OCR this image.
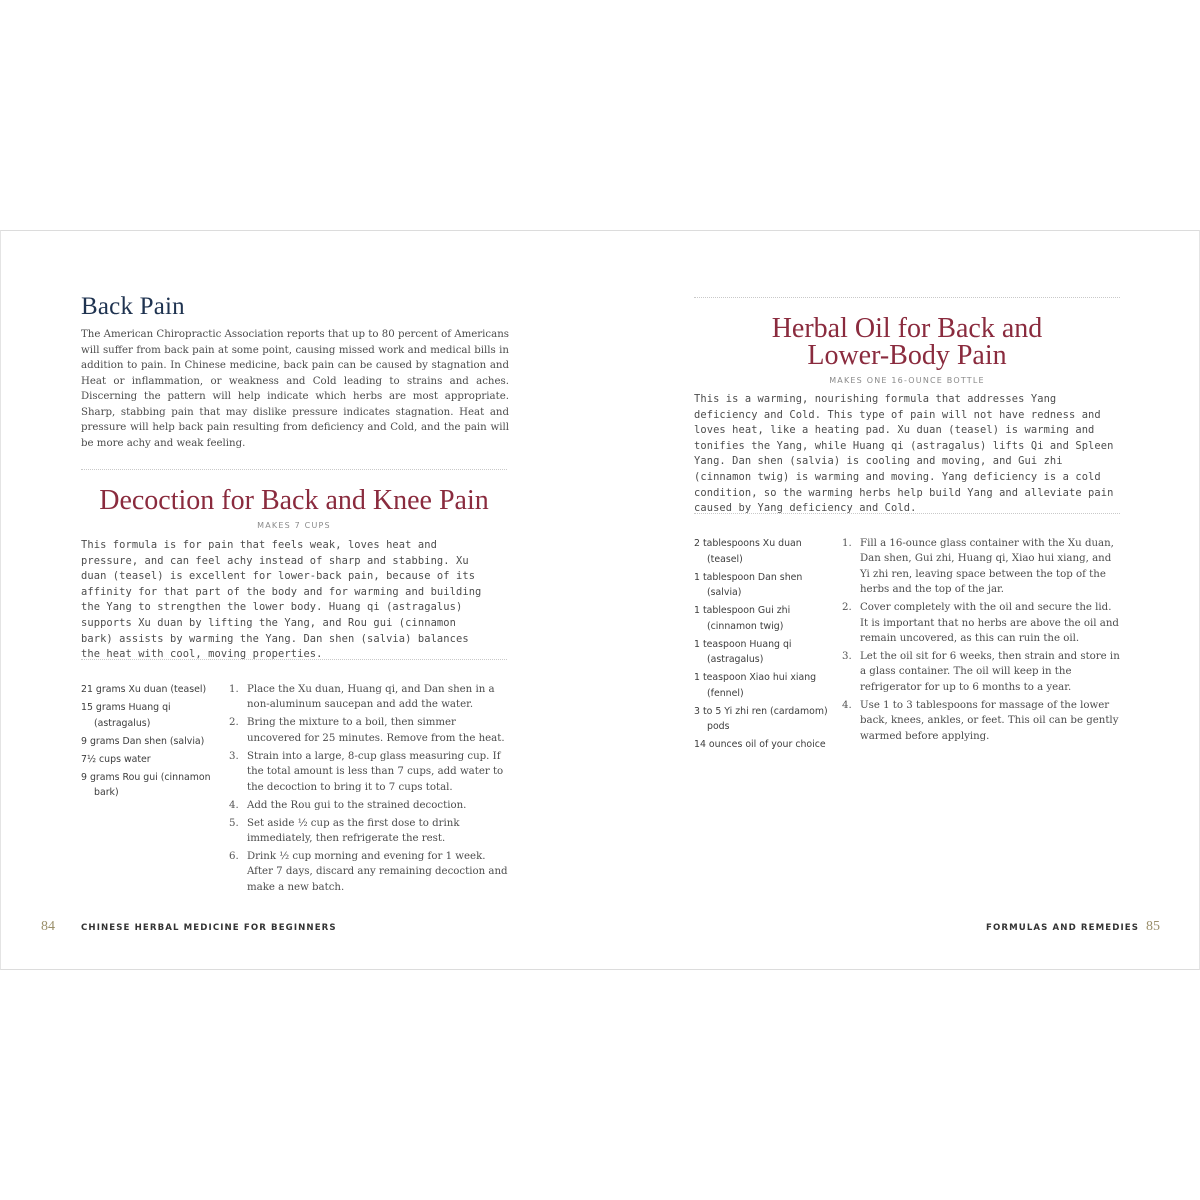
Back Pain

The American Chiropractic Association reports that up to 80 percent of Americans will suffer from back pain at some point, causing missed work and medical bills in addition to pain. In Chinese medicine, back pain can be caused by stagnation and Heat or inflammation, or weakness and Cold leading to strains and aches. Discerning the pattern will help indicate which herbs are most appropriate. Sharp, stabbing pain that may dislike pressure indicates stagnation. Heat and pressure will help back pain resulting from deficiency and Cold, and the pain will be more achy and weak feeling.

Decoction for Back and Knee Pain
MAKES 7 CUPS

This formula is for pain that feels weak, loves heat and pressure, and can feel achy instead of sharp and stabbing. Xu duan (teasel) is excellent for lower-back pain, because of its affinity for that part of the body and for warming and building the Yang to strengthen the lower body. Huang qi (astragalus) supports Xu duan by lifting the Yang, and Rou gui (cinnamon bark) assists by warming the Yang. Dan shen (salvia) balances the heat with cool, moving properties.

21 grams Xu duan (teasel)
15 grams Huang qi (astragalus)
9 grams Dan shen (salvia)
7½ cups water
9 grams Rou gui (cinnamon bark)
1. Place the Xu duan, Huang qi, and Dan shen in a non-aluminum saucepan and add the water.
2. Bring the mixture to a boil, then simmer uncovered for 25 minutes. Remove from the heat.
3. Strain into a large, 8-cup glass measuring cup. If the total amount is less than 7 cups, add water to the decoction to bring it to 7 cups total.
4. Add the Rou gui to the strained decoction.
5. Set aside ½ cup as the first dose to drink immediately, then refrigerate the rest.
6. Drink ½ cup morning and evening for 1 week. After 7 days, discard any remaining decoction and make a new batch.
84	CHINESE HERBAL MEDICINE FOR BEGINNERS
Herbal Oil for Back and
Lower-Body Pain
MAKES ONE 16-OUNCE BOTTLE

This is a warming, nourishing formula that addresses Yang deficiency and Cold. This type of pain will not have redness and loves heat, like a heating pad. Xu duan (teasel) is warming and tonifies the Yang, while Huang qi (astragalus) lifts Qi and Spleen Yang. Dan shen (salvia) is cooling and moving, and Gui zhi (cinnamon twig) is warming and moving. Yang deficiency is a cold condition, so the warming herbs help build Yang and alleviate pain caused by Yang deficiency and Cold.

2 tablespoons Xu duan (teasel)
1 tablespoon Dan shen (salvia)
1 tablespoon Gui zhi (cinnamon twig)
1 teaspoon Huang qi (astragalus)
1 teaspoon Xiao hui xiang (fennel)
3 to 5 Yi zhi ren (cardamom) pods
14 ounces oil of your choice
1. Fill a 16-ounce glass container with the Xu duan, Dan shen, Gui zhi, Huang qi, Xiao hui xiang, and Yi zhi ren, leaving space between the top of the herbs and the top of the jar.
2. Cover completely with the oil and secure the lid. It is important that no herbs are above the oil and remain uncovered, as this can ruin the oil.
3. Let the oil sit for 6 weeks, then strain and store in a glass container. The oil will keep in the refrigerator for up to 6 months to a year.
4. Use 1 to 3 tablespoons for massage of the lower back, knees, ankles, or feet. This oil can be gently warmed before applying.
FORMULAS AND REMEDIES 85
